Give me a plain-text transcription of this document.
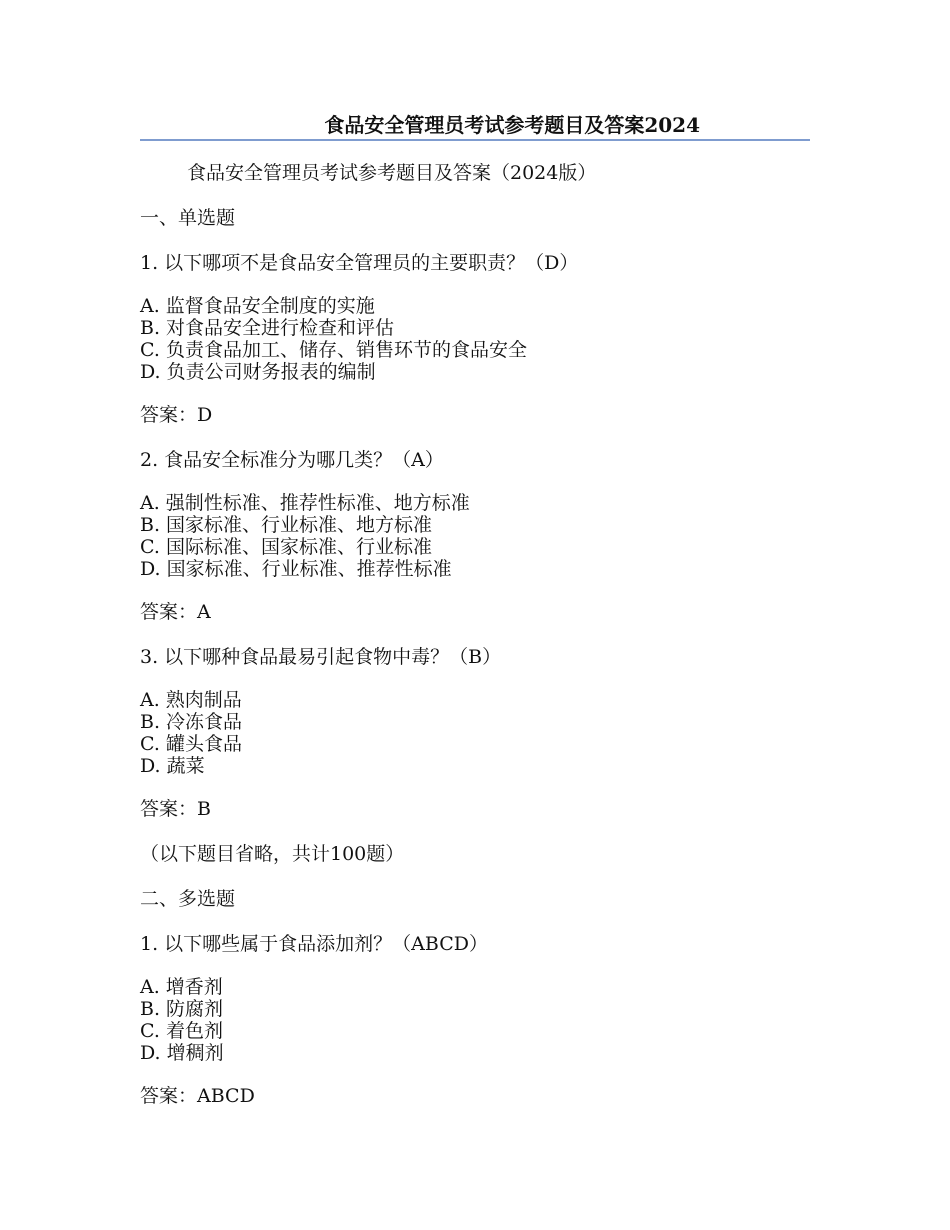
食品安全管理员考试参考题目及答案2024
食品安全管理员考试参考题目及答案（2024版）
一、单选题
1. 以下哪项不是食品安全管理员的主要职责？（D）
A. 监督食品安全制度的实施
B. 对食品安全进行检查和评估
C. 负责食品加工、储存、销售环节的食品安全
D. 负责公司财务报表的编制
答案：D
2. 食品安全标准分为哪几类？（A）
A. 强制性标准、推荐性标准、地方标准
B. 国家标准、行业标准、地方标准
C. 国际标准、国家标准、行业标准
D. 国家标准、行业标准、推荐性标准
答案：A
3. 以下哪种食品最易引起食物中毒？（B）
A. 熟肉制品
B. 冷冻食品
C. 罐头食品
D. 蔬菜
答案：B
（以下题目省略，共计100题）
二、多选题
1. 以下哪些属于食品添加剂？（ABCD）
A. 增香剂
B. 防腐剂
C. 着色剂
D. 增稠剂
答案：ABCD
